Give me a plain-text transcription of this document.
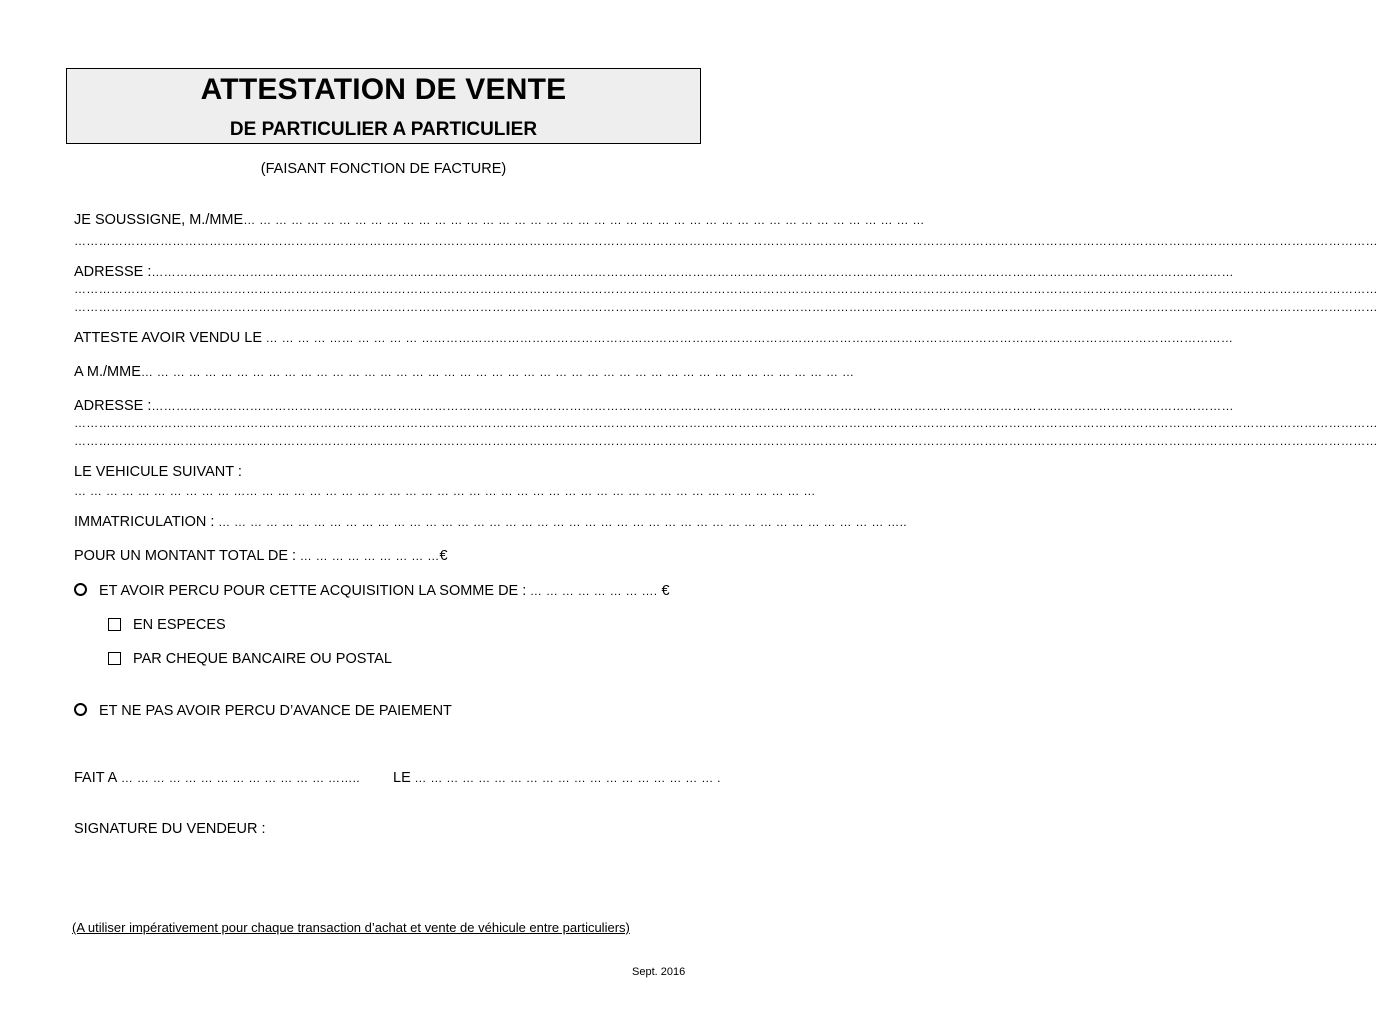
ATTESTATION DE VENTE
DE PARTICULIER A PARTICULIER
(FAISANT FONCTION DE FACTURE)
JE SOUSSIGNE, M./MME… … … … … … … … … … … … … … … … … … … … … … … … … … … … … … … … … … … … … … … … … … …
…………………………………………………………………………………………………………………………………………………………………………………………………………………………………………………………………………………………
ADRESSE :…………………………………………………………………………………………………………………………………………………………………………………………………………………………………………
…………………………………………………………………………………………………………………………………………………………………………………………………………………………………………………………………………………………
…………………………………………………………………………………………………………………………………………………………………………………………………………………………………………………………………………………………
ATTESTE AVOIR VENDU LE … … … … …… … … … … ………………………………………………………………………………………………………………………………………………………………………………
A M./MME… … … … … … … … … … … … … … … … … … … … … … … … … … … … … … … … … … … … … … … … … … … … …
ADRESSE :…………………………………………………………………………………………………………………………………………………………………………………………………………………………………………
…………………………………………………………………………………………………………………………………………………………………………………………………………………………………………………………………………………………
…………………………………………………………………………………………………………………………………………………………………………………………………………………………………………………………………………………………
LE VEHICULE SUIVANT :
… … … … … … … … … … …… … … … … … … … … … … … … … … … … … … … … … … … … … … … … … … … … … … …
IMMATRICULATION : … … … … … … … … … … … … … … … … … … … … … … … … … … … … … … … … … … … … … … … … … … …..
POUR UN MONTANT TOTAL DE : … … … … … … … … …€
ET AVOIR PERCU POUR CETTE ACQUISITION LA SOMME DE : … … … … … … … …. €
EN ESPECES
PAR CHEQUE BANCAIRE OU POSTAL
ET NE PAS AVOIR PERCU D’AVANCE DE PAIEMENT
FAIT A … … … … … … … … … … … … … ……..	LE … … … … … … … … … … … … … … … … … … … .
SIGNATURE DU VENDEUR :
(A utiliser impérativement pour chaque transaction d’achat et vente de véhicule entre particuliers)
Sept. 2016
